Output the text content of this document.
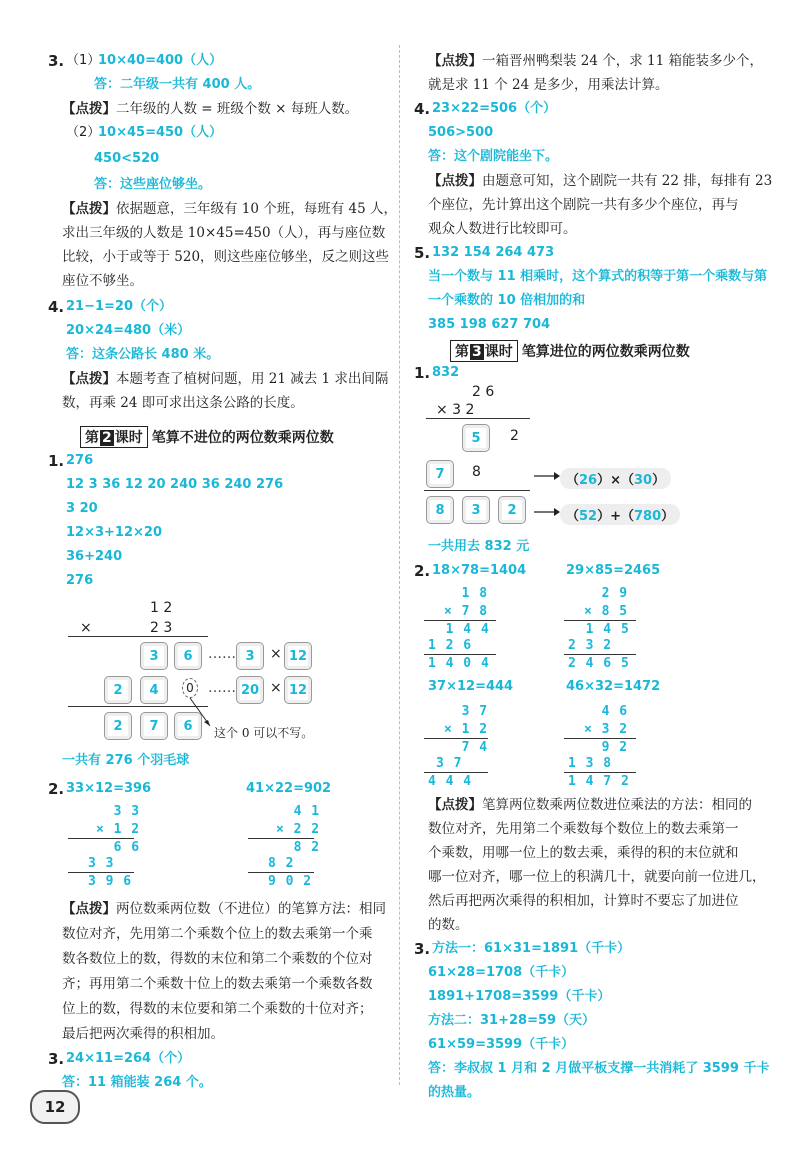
3. （1）
10×40=400（人）
答：二年级一共有 400 人。
【点拨】二年级的人数 = 班级个数 × 每班人数。
（2）
10×45=450（人）
450<520
答：这些座位够坐。
【点拨】依据题意，三年级有 10 个班，每班有 45 人，
求出三年级的人数是 10×45=450（人），再与座位数
比较，小于或等于 520，则这些座位够坐，反之则这些
座位不够坐。
4. 21−1=20（个）
20×24=480（米）
答：这条公路长 480 米。
【点拨】本题考查了植树问题，用 21 减去 1 求出间隔
数，再乘 24 即可求出这条公路的长度。
第 2 课时 笔算不进位的两位数乘两位数
1. 276
12 3 36 12 20 240 36 240 276
3 20
12×3+12×20
36+240
276
1 2
×	2 3
3	6	…… 3	× 12
2	4	0 …… 20 × 12
2	7	6	这个 0 可以不写。
一共有 276 个羽毛球
2. 33×12=396	41×22=902
3 3
× 1 2
6 6
3 3
3 9 6
4 1
× 2 2
8 2
8 2
9 0 2
【点拨】两位数乘两位数（不进位）的笔算方法：相同
数位对齐，先用第二个乘数个位上的数去乘第一个乘
数各数位上的数，得数的末位和第二个乘数的个位对
齐；再用第二个乘数十位上的数去乘第一个乘数各数
位上的数，得数的末位要和第二个乘数的十位对齐；
最后把两次乘得的积相加。
3. 24×11=264（个）
答：11 箱能装 264 个。
【点拨】一箱晋州鸭梨装 24 个，求 11 箱能装多少个，
就是求 11 个 24 是多少，用乘法计算。
4. 23×22=506（个）
506>500
答：这个剧院能坐下。
【点拨】由题意可知，这个剧院一共有 22 排，每排有 23
个座位，先计算出这个剧院一共有多少个座位，再与
观众人数进行比较即可。
5. 132 154 264 473
当一个数与 11 相乘时，这个算式的积等于第一个乘数与第
一个乘数的 10 倍相加的和
385 198 627 704
第 3 课时 笔算进位的两位数乘两位数
1. 832
2 6
× 3 2
5	2
7	8
8	3	2
（26）×（30）
（52）+（780）
一共用去 832 元
2. 18×78=1404	29×85=2465
1 8
× 7 8
1 4 4
1 2 6
1 4 0 4
2 9
× 8 5
1 4 5
2 3 2
2 4 6 5
37×12=444	46×32=1472
3 7
× 1 2
7 4
3 7
4 4 4
4 6
× 3 2
9 2
1 3 8
1 4 7 2
【点拨】笔算两位数乘两位数进位乘法的方法：相同的
数位对齐，先用第二个乘数每个数位上的数去乘第一
个乘数，用哪一位上的数去乘，乘得的积的末位就和
哪一位对齐，哪一位上的积满几十，就要向前一位进几，
然后再把两次乘得的积相加，计算时不要忘了加进位
的数。
3. 方法一：61×31=1891（千卡）
61×28=1708（千卡）
1891+1708=3599（千卡）
方法二：31+28=59（天）
61×59=3599（千卡）
答：李叔叔 1 月和 2 月做平板支撑一共消耗了 3599 千卡
的热量。
12
